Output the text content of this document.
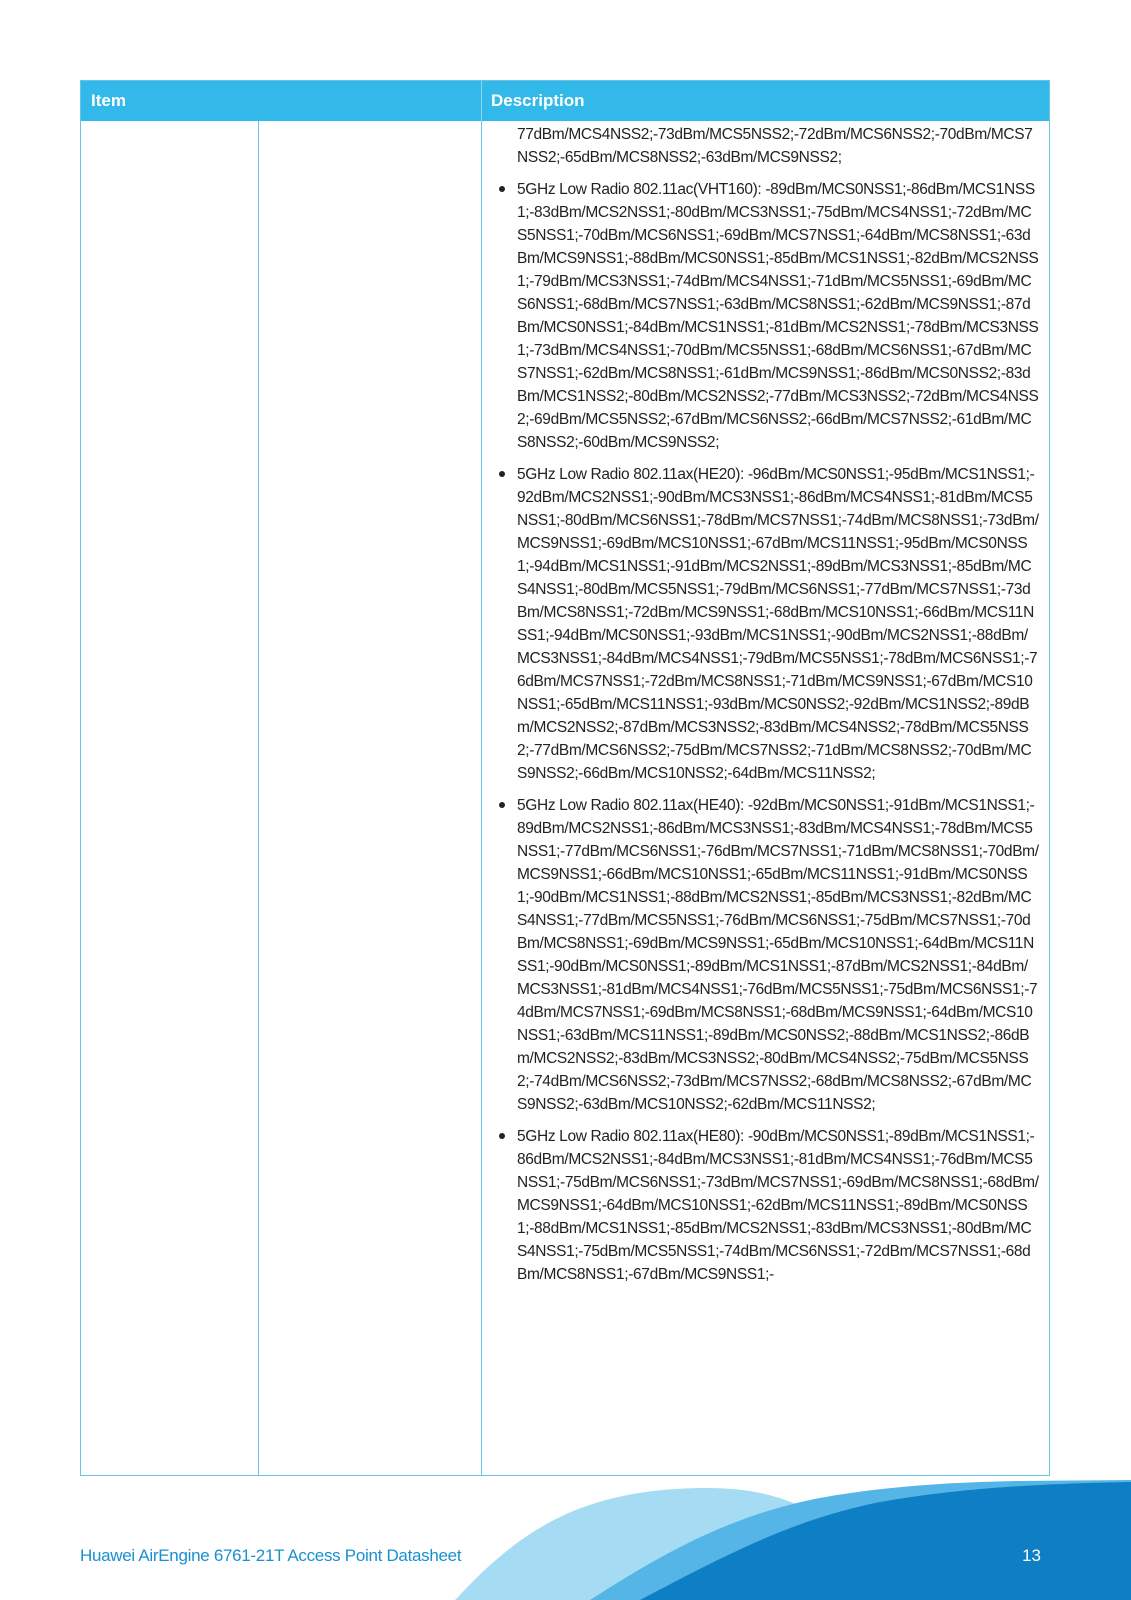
Item	Description
77dBm/MCS4NSS2;-73dBm/MCS5NSS2;-72dBm/MCS6NSS2;-70dBm/MCS7NSS2;-65dBm/MCS8NSS2;-63dBm/MCS9NSS2;
5GHz Low Radio 802.11ac(VHT160): -89dBm/MCS0NSS1;-86dBm/MCS1NSS1;-83dBm/MCS2NSS1;-80dBm/MCS3NSS1;-75dBm/MCS4NSS1;-72dBm/MCS5NSS1;-70dBm/MCS6NSS1;-69dBm/MCS7NSS1;-64dBm/MCS8NSS1;-63dBm/MCS9NSS1;-88dBm/MCS0NSS1;-85dBm/MCS1NSS1;-82dBm/MCS2NSS1;-79dBm/MCS3NSS1;-74dBm/MCS4NSS1;-71dBm/MCS5NSS1;-69dBm/MCS6NSS1;-68dBm/MCS7NSS1;-63dBm/MCS8NSS1;-62dBm/MCS9NSS1;-87dBm/MCS0NSS1;-84dBm/MCS1NSS1;-81dBm/MCS2NSS1;-78dBm/MCS3NSS1;-73dBm/MCS4NSS1;-70dBm/MCS5NSS1;-68dBm/MCS6NSS1;-67dBm/MCS7NSS1;-62dBm/MCS8NSS1;-61dBm/MCS9NSS1;-86dBm/MCS0NSS2;-83dBm/MCS1NSS2;-80dBm/MCS2NSS2;-77dBm/MCS3NSS2;-72dBm/MCS4NSS2;-69dBm/MCS5NSS2;-67dBm/MCS6NSS2;-66dBm/MCS7NSS2;-61dBm/MCS8NSS2;-60dBm/MCS9NSS2;
5GHz Low Radio 802.11ax(HE20): -96dBm/MCS0NSS1;-95dBm/MCS1NSS1;-92dBm/MCS2NSS1;-90dBm/MCS3NSS1;-86dBm/MCS4NSS1;-81dBm/MCS5NSS1;-80dBm/MCS6NSS1;-78dBm/MCS7NSS1;-74dBm/MCS8NSS1;-73dBm/MCS9NSS1;-69dBm/MCS10NSS1;-67dBm/MCS11NSS1;-95dBm/MCS0NSS1;-94dBm/MCS1NSS1;-91dBm/MCS2NSS1;-89dBm/MCS3NSS1;-85dBm/MCS4NSS1;-80dBm/MCS5NSS1;-79dBm/MCS6NSS1;-77dBm/MCS7NSS1;-73dBm/MCS8NSS1;-72dBm/MCS9NSS1;-68dBm/MCS10NSS1;-66dBm/MCS11NSS1;-94dBm/MCS0NSS1;-93dBm/MCS1NSS1;-90dBm/MCS2NSS1;-88dBm/MCS3NSS1;-84dBm/MCS4NSS1;-79dBm/MCS5NSS1;-78dBm/MCS6NSS1;-76dBm/MCS7NSS1;-72dBm/MCS8NSS1;-71dBm/MCS9NSS1;-67dBm/MCS10NSS1;-65dBm/MCS11NSS1;-93dBm/MCS0NSS2;-92dBm/MCS1NSS2;-89dBm/MCS2NSS2;-87dBm/MCS3NSS2;-83dBm/MCS4NSS2;-78dBm/MCS5NSS2;-77dBm/MCS6NSS2;-75dBm/MCS7NSS2;-71dBm/MCS8NSS2;-70dBm/MCS9NSS2;-66dBm/MCS10NSS2;-64dBm/MCS11NSS2;
5GHz Low Radio 802.11ax(HE40): -92dBm/MCS0NSS1;-91dBm/MCS1NSS1;-89dBm/MCS2NSS1;-86dBm/MCS3NSS1;-83dBm/MCS4NSS1;-78dBm/MCS5NSS1;-77dBm/MCS6NSS1;-76dBm/MCS7NSS1;-71dBm/MCS8NSS1;-70dBm/MCS9NSS1;-66dBm/MCS10NSS1;-65dBm/MCS11NSS1;-91dBm/MCS0NSS1;-90dBm/MCS1NSS1;-88dBm/MCS2NSS1;-85dBm/MCS3NSS1;-82dBm/MCS4NSS1;-77dBm/MCS5NSS1;-76dBm/MCS6NSS1;-75dBm/MCS7NSS1;-70dBm/MCS8NSS1;-69dBm/MCS9NSS1;-65dBm/MCS10NSS1;-64dBm/MCS11NSS1;-90dBm/MCS0NSS1;-89dBm/MCS1NSS1;-87dBm/MCS2NSS1;-84dBm/MCS3NSS1;-81dBm/MCS4NSS1;-76dBm/MCS5NSS1;-75dBm/MCS6NSS1;-74dBm/MCS7NSS1;-69dBm/MCS8NSS1;-68dBm/MCS9NSS1;-64dBm/MCS10NSS1;-63dBm/MCS11NSS1;-89dBm/MCS0NSS2;-88dBm/MCS1NSS2;-86dBm/MCS2NSS2;-83dBm/MCS3NSS2;-80dBm/MCS4NSS2;-75dBm/MCS5NSS2;-74dBm/MCS6NSS2;-73dBm/MCS7NSS2;-68dBm/MCS8NSS2;-67dBm/MCS9NSS2;-63dBm/MCS10NSS2;-62dBm/MCS11NSS2;
5GHz Low Radio 802.11ax(HE80): -90dBm/MCS0NSS1;-89dBm/MCS1NSS1;-86dBm/MCS2NSS1;-84dBm/MCS3NSS1;-81dBm/MCS4NSS1;-76dBm/MCS5NSS1;-75dBm/MCS6NSS1;-73dBm/MCS7NSS1;-69dBm/MCS8NSS1;-68dBm/MCS9NSS1;-64dBm/MCS10NSS1;-62dBm/MCS11NSS1;-89dBm/MCS0NSS1;-88dBm/MCS1NSS1;-85dBm/MCS2NSS1;-83dBm/MCS3NSS1;-80dBm/MCS4NSS1;-75dBm/MCS5NSS1;-74dBm/MCS6NSS1;-72dBm/MCS7NSS1;-68dBm/MCS8NSS1;-67dBm/MCS9NSS1;-
Huawei AirEngine 6761-21T Access Point Datasheet	13
